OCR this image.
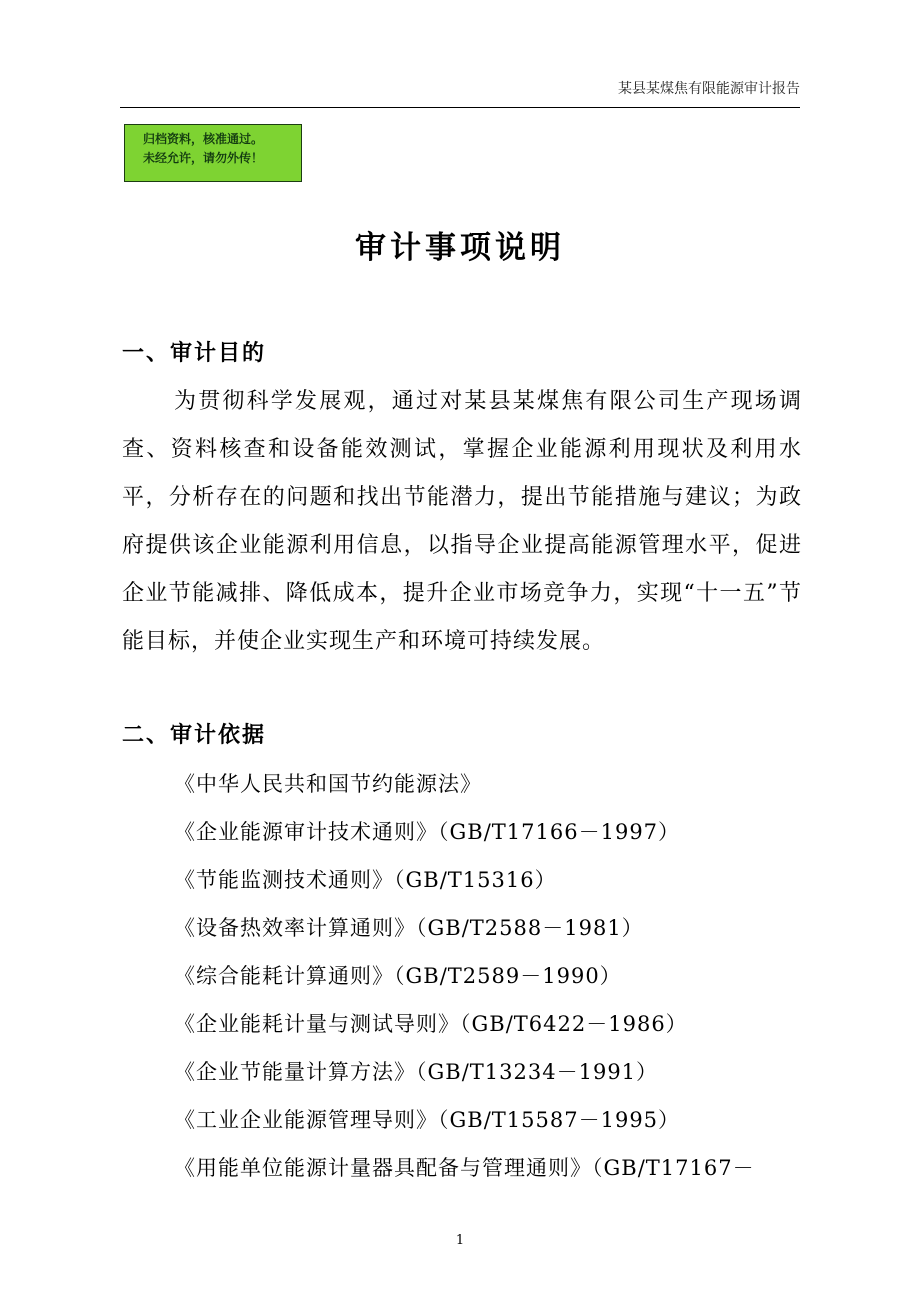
某县某煤焦有限能源审计报告
归档资料，核准通过。
未经允许，请勿外传！
审计事项说明
一、审计目的

为贯彻科学发展观，通过对某县某煤焦有限公司生产现场调查、资料核查和设备能效测试，掌握企业能源利用现状及利用水平，分析存在的问题和找出节能潜力，提出节能措施与建议；为政府提供该企业能源利用信息，以指导企业提高能源管理水平，促进企业节能减排、降低成本，提升企业市场竞争力，实现“十一五”节能目标，并使企业实现生产和环境可持续发展。

二、审计依据
《中华人民共和国节约能源法》
《企业能源审计技术通则》（GB/T17166－1997）
《节能监测技术通则》（GB/T15316）
《设备热效率计算通则》（GB/T2588－1981）
《综合能耗计算通则》（GB/T2589－1990）
《企业能耗计量与测试导则》（GB/T6422－1986）
《企业节能量计算方法》（GB/T13234－1991）
《工业企业能源管理导则》（GB/T15587－1995）
《用能单位能源计量器具配备与管理通则》（GB/T17167－
1
